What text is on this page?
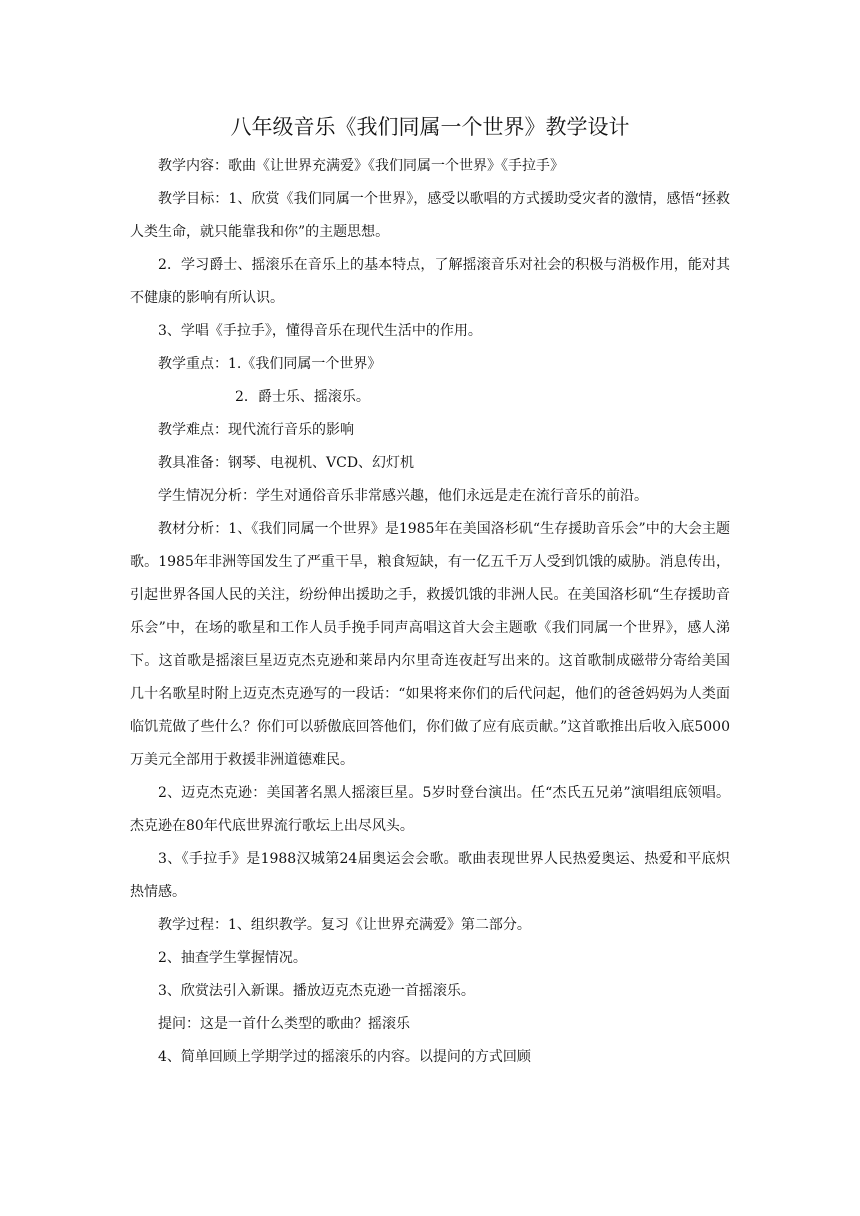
八年级音乐《我们同属一个世界》教学设计

教学内容：歌曲《让世界充满爱》《我们同属一个世界》《手拉手》

教学目标：1、欣赏《我们同属一个世界》，感受以歌唱的方式援助受灾者的激情，感悟“拯救人类生命，就只能靠我和你”的主题思想。

2．学习爵士、摇滚乐在音乐上的基本特点，了解摇滚音乐对社会的积极与消极作用，能对其不健康的影响有所认识。

3、学唱《手拉手》，懂得音乐在现代生活中的作用。

教学重点：1.《我们同属一个世界》

2．爵士乐、摇滚乐。

教学难点：现代流行音乐的影响

教具准备：钢琴、电视机、VCD、幻灯机

学生情况分析：学生对通俗音乐非常感兴趣，他们永远是走在流行音乐的前沿。

教材分析：1、《我们同属一个世界》是1985年在美国洛杉矶“生存援助音乐会”中的大会主题歌。1985年非洲等国发生了严重干旱，粮食短缺，有一亿五千万人受到饥饿的威胁。消息传出，引起世界各国人民的关注，纷纷伸出援助之手，救援饥饿的非洲人民。在美国洛杉矶“生存援助音乐会”中，在场的歌星和工作人员手挽手同声高唱这首大会主题歌《我们同属一个世界》，感人涕下。这首歌是摇滚巨星迈克杰克逊和莱昂内尔里奇连夜赶写出来的。这首歌制成磁带分寄给美国几十名歌星时附上迈克杰克逊写的一段话：“如果将来你们的后代问起，他们的爸爸妈妈为人类面临饥荒做了些什么？你们可以骄傲底回答他们，你们做了应有底贡献。”这首歌推出后收入底5000万美元全部用于救援非洲道德难民。

2、迈克杰克逊：美国著名黑人摇滚巨星。5岁时登台演出。任“杰氏五兄弟”演唱组底领唱。杰克逊在80年代底世界流行歌坛上出尽风头。

3、《手拉手》是1988汉城第24届奥运会会歌。歌曲表现世界人民热爱奥运、热爱和平底炽热情感。

教学过程：1、组织教学。复习《让世界充满爱》第二部分。

2、抽查学生掌握情况。

3、欣赏法引入新课。播放迈克杰克逊一首摇滚乐。

提问：这是一首什么类型的歌曲？摇滚乐

4、简单回顾上学期学过的摇滚乐的内容。以提问的方式回顾
